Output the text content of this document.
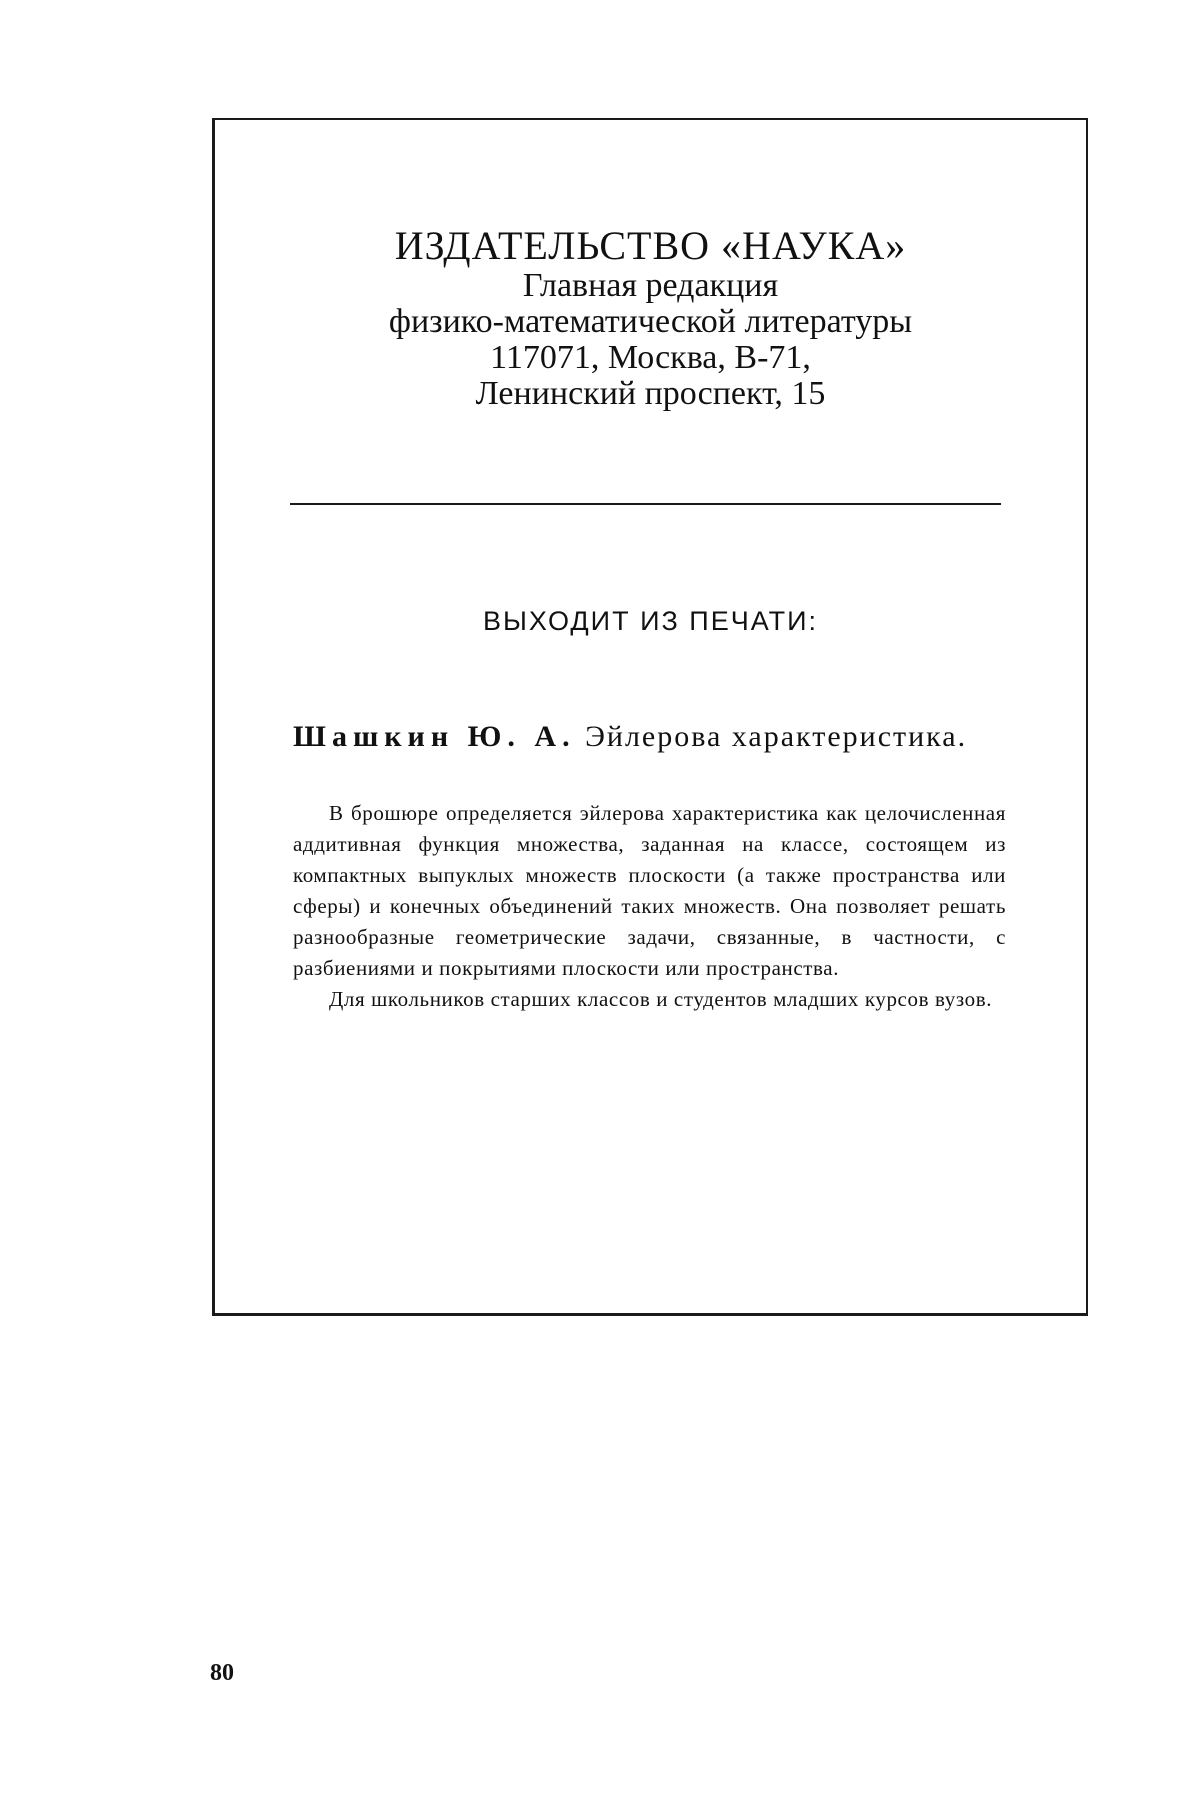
ИЗДАТЕЛЬСТВО «НАУКА»
Главная редакция
физико-математической литературы
117071, Москва, В-71,
Ленинский проспект, 15
ВЫХОДИТ ИЗ ПЕЧАТИ:
Шашкин Ю. А. Эйлерова характеристика.

В брошюре определяется эйлерова характеристика как целочисленная аддитивная функция множества, заданная на классе, состоящем из компактных выпуклых множеств плоскости (а также пространства или сферы) и конечных объединений таких множеств. Она позволяет решать разнообразные геометрические задачи, связанные, в частности, с разбиениями и покрытиями плоскости или пространства.

Для школьников старших классов и студентов младших курсов вузов.

80
